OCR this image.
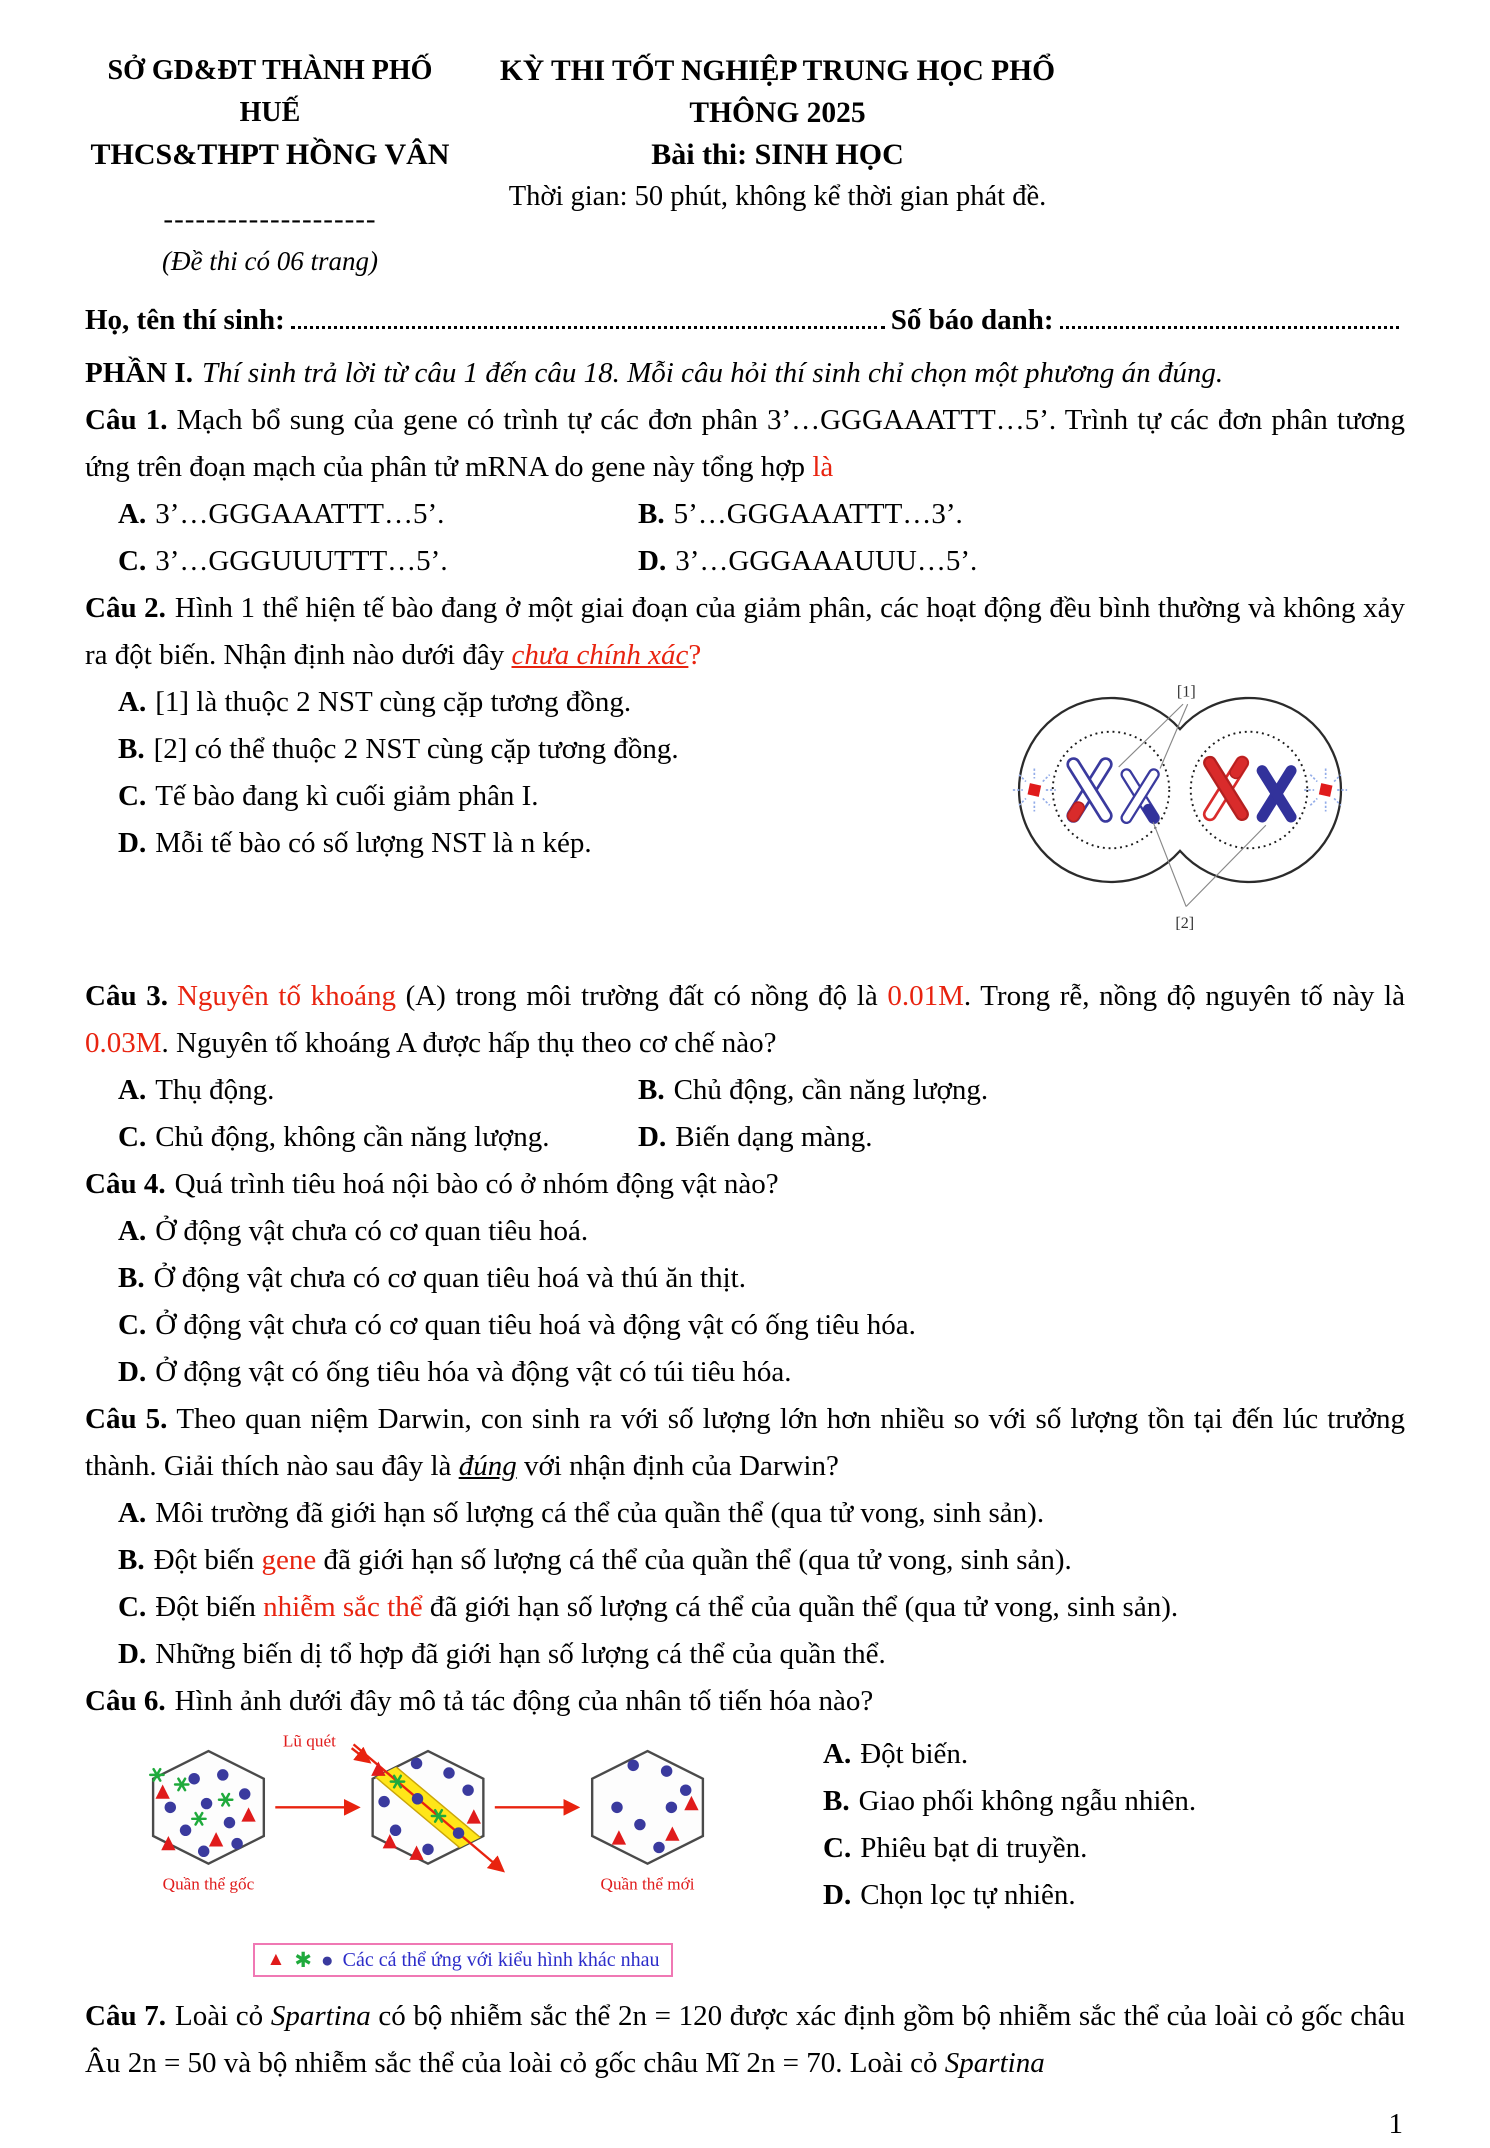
SỞ GD&ĐT THÀNH PHỐ HUẾ
THCS&THPT HỒNG VÂN
--------------------
(Đề thi có 06 trang)
KỲ THI TỐT NGHIỆP TRUNG HỌC PHỔ THÔNG 2025
Bài thi: SINH HỌC
Thời gian: 50 phút, không kể thời gian phát đề.
Họ, tên thí sinh:	Số báo danh:
PHẦN I. Thí sinh trả lời từ câu 1 đến câu 18. Mỗi câu hỏi thí sinh chỉ chọn một phương án đúng.

Câu 1. Mạch bổ sung của gene có trình tự các đơn phân 3’…GGGAAATTT…5’. Trình tự các đơn phân tương ứng trên đoạn mạch của phân tử mRNA do gene này tổng hợp là

A. 3’…GGGAAATTT…5’.	B. 5’…GGGAAATTT…3’.
C. 3’…GGGUUUTTT…5’.	D. 3’…GGGAAAUUU…5’.

Câu 2. Hình 1 thể hiện tế bào đang ở một giai đoạn của giảm phân, các hoạt động đều bình thường và không xảy ra đột biến. Nhận định nào dưới đây chưa chính xác?

A. [1] là thuộc 2 NST cùng cặp tương đồng.
B. [2] có thể thuộc 2 NST cùng cặp tương đồng.
C. Tế bào đang kì cuối giảm phân I.
D. Mỗi tế bào có số lượng NST là n kép.
[1]
[2]

Câu 3. Nguyên tố khoáng (A) trong môi trường đất có nồng độ là 0.01M. Trong rễ, nồng độ nguyên tố này là 0.03M. Nguyên tố khoáng A được hấp thụ theo cơ chế nào?

A. Thụ động.	B. Chủ động, cần năng lượng.
C. Chủ động, không cần năng lượng.	D. Biến dạng màng.

Câu 4. Quá trình tiêu hoá nội bào có ở nhóm động vật nào?

A. Ở động vật chưa có cơ quan tiêu hoá.
B. Ở động vật chưa có cơ quan tiêu hoá và thú ăn thịt.
C. Ở động vật chưa có cơ quan tiêu hoá và động vật có ống tiêu hóa.
D. Ở động vật có ống tiêu hóa và động vật có túi tiêu hóa.

Câu 5. Theo quan niệm Darwin, con sinh ra với số lượng lớn hơn nhiều so với số lượng tồn tại đến lúc trưởng thành. Giải thích nào sau đây là đúng với nhận định của Darwin?

A. Môi trường đã giới hạn số lượng cá thể của quần thể (qua tử vong, sinh sản).
B. Đột biến gene đã giới hạn số lượng cá thể của quần thể (qua tử vong, sinh sản).
C. Đột biến nhiễm sắc thể đã giới hạn số lượng cá thể của quần thể (qua tử vong, sinh sản).
D. Những biến dị tổ hợp đã giới hạn số lượng cá thể của quần thể.

Câu 6. Hình ảnh dưới đây mô tả tác động của nhân tố tiến hóa nào?

Lũ quét
Quần thể gốc	Quần thể mới
▲ ✱ ● Các cá thể ứng với kiểu hình khác nhau
A. Đột biến.
B. Giao phối không ngẫu nhiên.
C. Phiêu bạt di truyền.
D. Chọn lọc tự nhiên.

Câu 7. Loài cỏ Spartina có bộ nhiễm sắc thể 2n = 120 được xác định gồm bộ nhiễm sắc thể của loài cỏ gốc châu Âu 2n = 50 và bộ nhiễm sắc thể của loài cỏ gốc châu Mĩ 2n = 70. Loài cỏ Spartina

1
